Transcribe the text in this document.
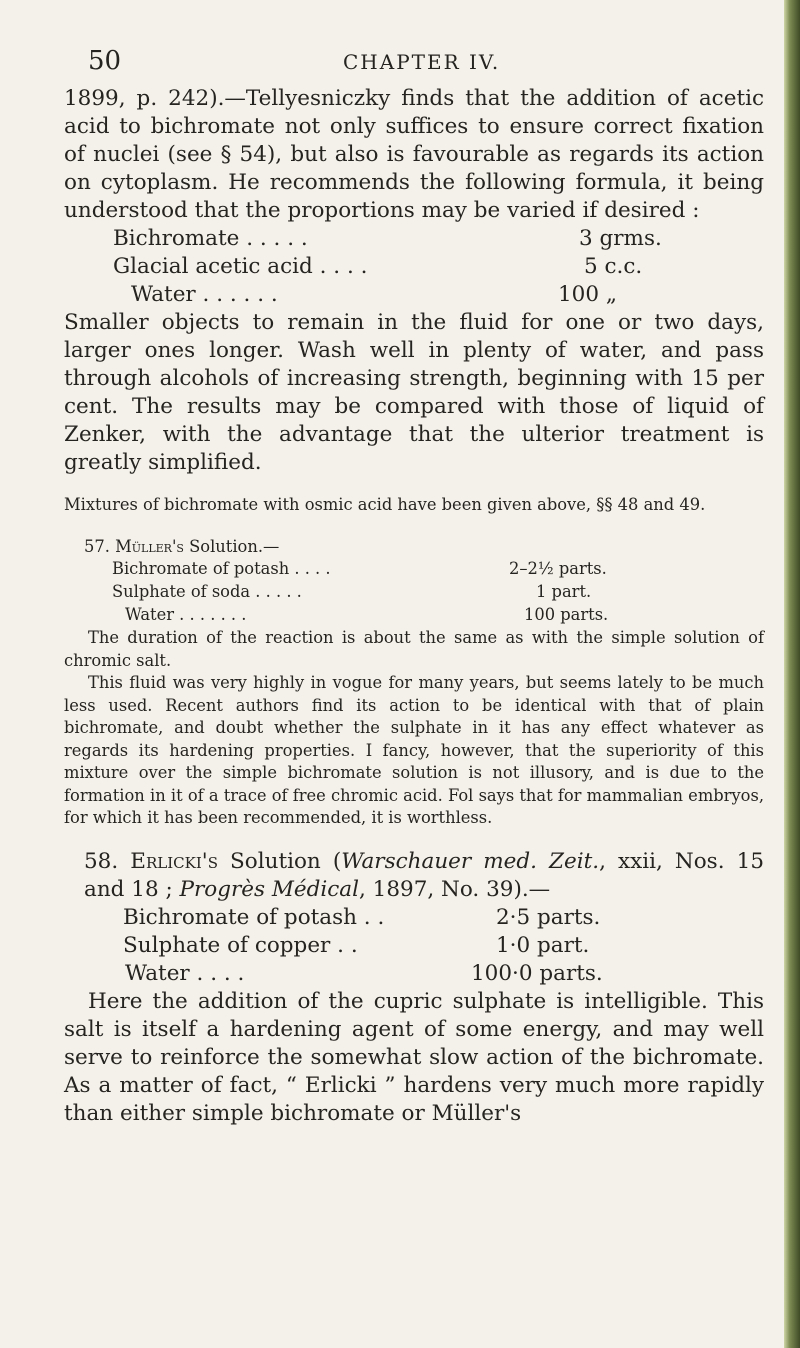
50	CHAPTER IV.

1899, p. 242).—Tellyesniczky finds that the addition of acetic acid to bichromate not only suffices to ensure correct fixation of nuclei (see § 54), but also is favourable as regards its action on cytoplasm. He recommends the following formula, it being understood that the proportions may be varied if desired :

Bichromate . . . . .	3 grms.
Glacial acetic acid . . . .	5 c.c.
Water . . . . . .	100 „

Smaller objects to remain in the fluid for one or two days, larger ones longer. Wash well in plenty of water, and pass through alcohols of increasing strength, beginning with 15 per cent. The results may be compared with those of liquid of Zenker, with the advantage that the ulterior treatment is greatly simplified.

Mixtures of bichromate with osmic acid have been given above, §§ 48 and 49.

57. Müller's Solution.—
Bichromate of potash . . . .	2–2½ parts.
Sulphate of soda . . . . .	1 part.
Water . . . . . . .	100 parts.

The duration of the reaction is about the same as with the simple solution of chromic salt.

This fluid was very highly in vogue for many years, but seems lately to be much less used. Recent authors find its action to be identical with that of plain bichromate, and doubt whether the sulphate in it has any effect whatever as regards its hardening properties. I fancy, however, that the superiority of this mixture over the simple bichromate solution is not illusory, and is due to the formation in it of a trace of free chromic acid. Fol says that for mammalian embryos, for which it has been recommended, it is worthless.

58. Erlicki's Solution (Warschauer med. Zeit., xxii, Nos. 15 and 18 ; Progrès Médical, 1897, No. 39).—

Bichromate of potash . .	2·5 parts.
Sulphate of copper . .	1·0 part.
Water . . . .	100·0 parts.

Here the addition of the cupric sulphate is intelligible. This salt is itself a hardening agent of some energy, and may well serve to reinforce the somewhat slow action of the bichromate. As a matter of fact, “ Erlicki ” hardens very much more rapidly than either simple bichromate or Müller's
